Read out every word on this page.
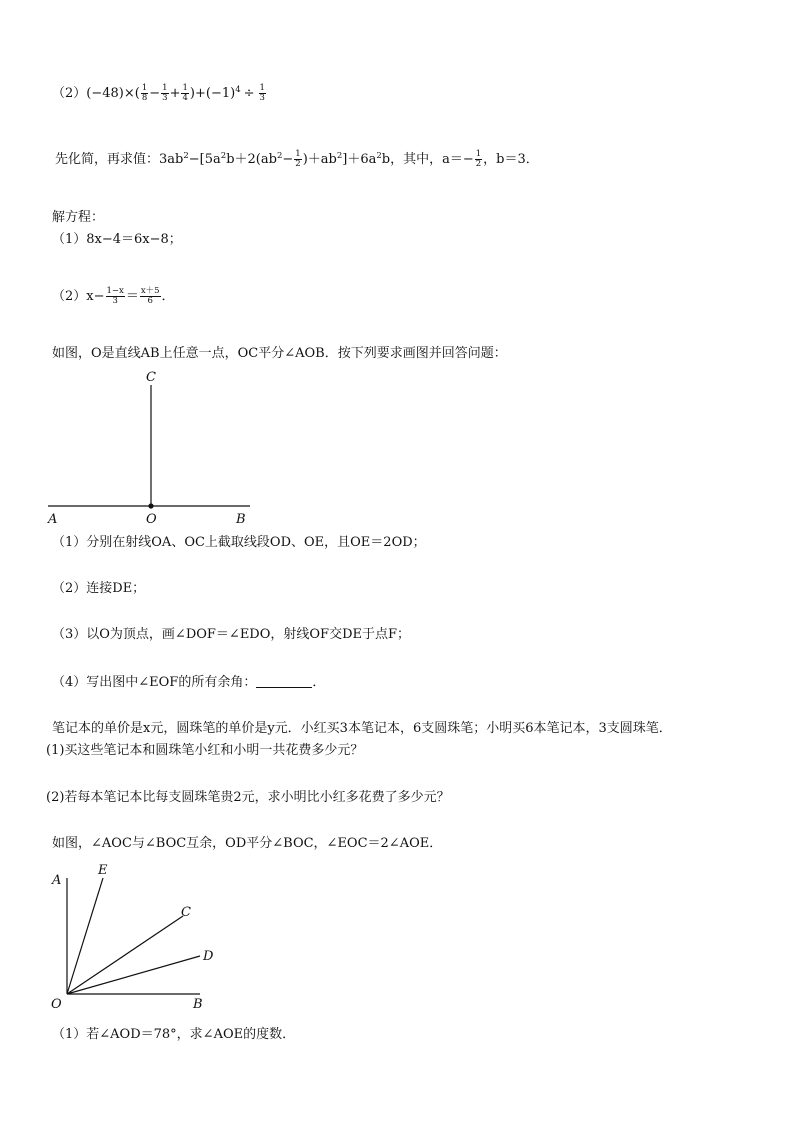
$(2)(-48)\times( \frac{1}{8} - \frac{1}{3} + \frac{1}{4} )+(-1)^4 \div \frac{1}{3}$
先化简，再求值：$3ab^2-[5a^2b+2(ab^2- \frac{1}{2} )+ab^2]+6a^2b$，其中，$a=- \frac{1}{2}$ ，b＝3．
解方程：
（1）8x−4＝6x−8；
$(2)x- \frac{1-x}{3} = \frac{x+5}{6}$ ．
如图，O是直线AB上任意一点，OC平分∠AOB．按下列要求画图并回答问题：
C
A	O	B
（1）分别在射线OA、OC上截取线段OD、OE，且OE＝2OD；
（2）连接DE；
（3）以O为顶点，画∠DOF＝∠EDO，射线OF交DE于点F；
（4）写出图中∠EOF的所有余角：	．
笔记本的单价是x元，圆珠笔的单价是y元．小红买3本笔记本，6支圆珠笔；小明买6本笔记本，3支圆珠笔．
(1)买这些笔记本和圆珠笔小红和小明一共花费多少元？
(2)若每本笔记本比每支圆珠笔贵2元，求小明比小红多花费了多少元？
如图，∠AOC与∠BOC互余，OD平分∠BOC，∠EOC＝2∠AOE．
A
E
C
D
O	B
（1）若∠AOD＝78°，求∠AOE的度数．
